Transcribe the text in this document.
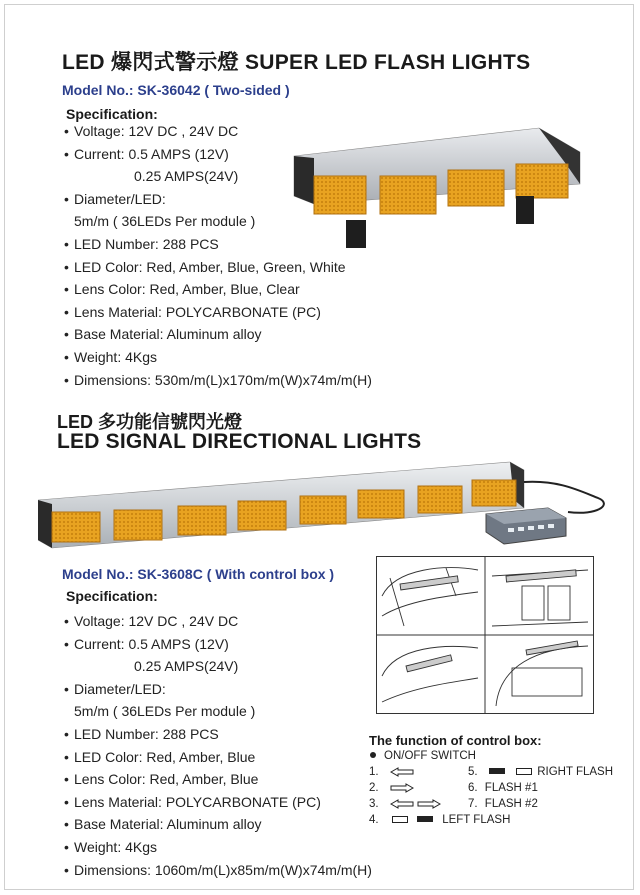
LED 爆閃式警示燈 SUPER LED FLASH LIGHTS
Model No.: SK-36042 ( Two-sided )
Specification:
• Voltage: 12V DC , 24V DC
• Current: 0.5 AMPS (12V)
0.25 AMPS(24V)
• Diameter/LED:
5m/m ( 36LEDs Per module )
• LED Number: 288 PCS
• LED Color: Red, Amber, Blue, Green, White
• Lens Color: Red, Amber, Blue, Clear
• Lens Material: POLYCARBONATE (PC)
• Base Material: Aluminum alloy
• Weight: 4Kgs
• Dimensions: 530m/m(L)x170m/m(W)x74m/m(H)
LED 多功能信號閃光燈
LED SIGNAL DIRECTIONAL LIGHTS
Model No.: SK-3608C ( With control box )
Specification:
• Voltage: 12V DC , 24V DC
• Current: 0.5 AMPS (12V)
0.25 AMPS(24V)
• Diameter/LED:
5m/m ( 36LEDs Per module )
• LED Number: 288 PCS
• LED Color: Red, Amber, Blue
• Lens Color: Red, Amber, Blue
• Lens Material: POLYCARBONATE (PC)
• Base Material: Aluminum alloy
• Weight: 4Kgs
• Dimensions: 1060m/m(L)x85m/m(W)x74m/m(H)
The function of control box:
ON/OFF SWITCH
1.
2.
3.
4.	LEFT FLASH
5.	RIGHT FLASH
6. FLASH #1
7. FLASH #2
